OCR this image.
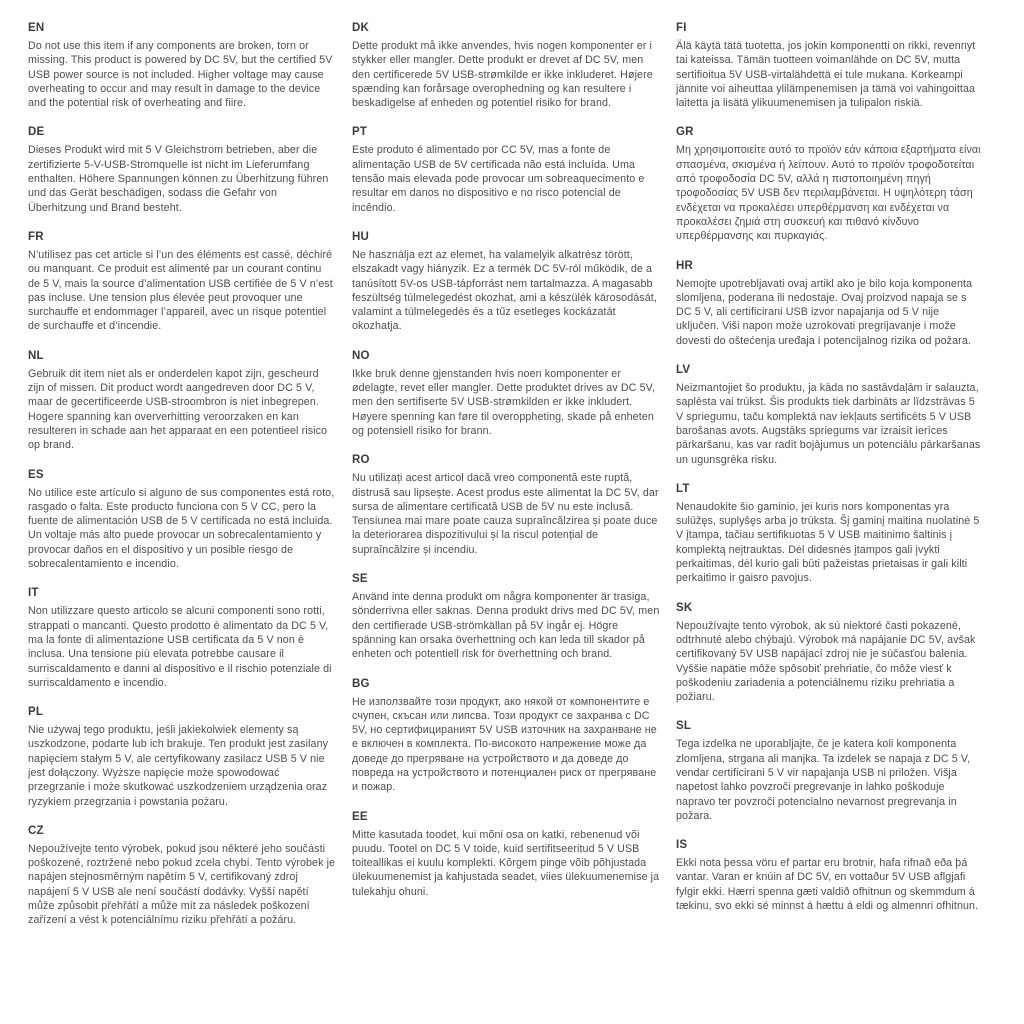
EN

Do not use this item if any components are broken, torn or missing. This product is powered by DC 5V, but the certified 5V USB power source is not included. Higher voltage may cause overheating to occur and may result in damage to the device and the potential risk of overheating and fiire.

DE

Dieses Produkt wird mit 5 V Gleichstrom betrieben, aber die zertifizierte 5-V-USB-Stromquelle ist nicht im Lieferumfang enthalten. Höhere Spannungen können zu Überhitzung führen und das Gerät beschädigen, sodass die Gefahr von Überhitzung und Brand besteht.

FR

N’utilisez pas cet article si l’un des éléments est cassé, déchiré ou manquant. Ce produit est alimenté par un courant continu de 5 V, mais la source d’alimentation USB certifiée de 5 V n’est pas incluse. Une tension plus élevée peut provoquer une surchauffe et endommager l’appareil, avec un risque potentiel de surchauffe et d’incendie.

NL

Gebruik dit item niet als er onderdelen kapot zijn, gescheurd zijn of missen. Dit product wordt aangedreven door DC 5 V, maar de gecertificeerde USB-stroombron is niet inbegrepen. Hogere spanning kan oververhitting veroorzaken en kan resulteren in schade aan het apparaat en een potentieel risico op brand.

ES

No utilice este artículo si alguno de sus componentes está roto, rasgado o falta. Este producto funciona con 5 V CC, pero la fuente de alimentación USB de 5 V certificada no está incluida. Un voltaje más alto puede provocar un sobrecalentamiento y provocar daños en el dispositivo y un posible riesgo de sobrecalentamiento e incendio.

IT

Non utilizzare questo articolo se alcuni componenti sono rotti, strappati o mancanti. Questo prodotto è alimentato da DC 5 V, ma la fonte di alimentazione USB certificata da 5 V non è inclusa. Una tensione più elevata potrebbe causare il surriscaldamento e danni al dispositivo e il rischio potenziale di surriscaldamento e incendio.

PL

Nie używaj tego produktu, jeśli jakiekolwiek elementy są uszkodzone, podarte lub ich brakuje. Ten produkt jest zasilany napięciem stałym 5 V, ale certyfikowany zasilacz USB 5 V nie jest dołączony. Wyższe napięcie może spowodować przegrzanie i może skutkować uszkodzeniem urządzenia oraz ryzykiem przegrzania i powstania pożaru.

CZ

Nepoužívejte tento výrobek, pokud jsou některé jeho součásti poškozené, roztržené nebo pokud zcela chybí. Tento výrobek je napájen stejnosměrným napětím 5 V, certifikovaný zdroj napájení 5 V USB ale není součástí dodávky. Vyšší napětí může způsobit přehřátí a může mít za následek poškození zařízení a vést k potenciálnímu riziku přehřátí a požáru.

DK

Dette produkt må ikke anvendes, hvis nogen komponenter er i stykker eller mangler. Dette produkt er drevet af DC 5V, men den certificerede 5V USB-strømkilde er ikke inkluderet. Højere spænding kan forårsage overophedning og kan resultere i beskadigelse af enheden og potentiel risiko for brand.

PT

Este produto é alimentado por CC 5V, mas a fonte de alimentação USB de 5V certificada não está incluída. Uma tensão mais elevada pode provocar um sobreaquecimento e resultar em danos no dispositivo e no risco potencial de incêndio.

HU

Ne használja ezt az elemet, ha valamelyik alkatrész törött, elszakadt vagy hiányzik. Ez a termék DC 5V-ról működik, de a tanúsított 5V-os USB-tápforrást nem tartalmazza. A magasabb feszültség túlmelegedést okozhat, ami a készülék károsodását, valamint a túlmelegedés és a tűz esetleges kockázatát okozhatja.

NO

Ikke bruk denne gjenstanden hvis noen komponenter er ødelagte, revet eller mangler. Dette produktet drives av DC 5V, men den sertifiserte 5V USB-strømkilden er ikke inkludert. Høyere spenning kan føre til overoppheting, skade på enheten og potensiell risiko for brann.

RO

Nu utilizați acest articol dacă vreo componentă este ruptă, distrusă sau lipsește. Acest produs este alimentat la DC 5V, dar sursa de alimentare certificată USB de 5V nu este inclusă. Tensiunea mai mare poate cauza supraîncălzirea și poate duce la deteriorarea dispozitivului și la riscul potențial de supraîncălzire și incendiu.

SE

Använd inte denna produkt om några komponenter är trasiga, sönderrivna eller saknas. Denna produkt drivs med DC 5V, men den certifierade USB-strömkällan på 5V ingår ej. Högre spänning kan orsaka överhettning och kan leda till skador på enheten och potentiell risk för överhettning och brand.

BG

Не използвайте този продукт, ако някой от компонентите е счупен, скъсан или липсва. Този продукт се захранва с DC 5V, но сертифицираният 5V USB източник на захранване не е включен в комплекта. По-високото напрежение може да доведе до прегряване на устройството и да доведе до повреда на устройството и потенциален риск от прегряване и пожар.

EE

Mitte kasutada toodet, kui mõni osa on katki, rebenenud või puudu. Tootel on DC 5 V toide, kuid sertifitseeritud 5 V USB toiteallikas ei kuulu komplekti. Kõrgem pinge võib põhjustada ülekuumenemist ja kahjustada seadet, viies ülekuumenemise ja tulekahju ohuni.

FI

Älä käytä tätä tuotetta, jos jokin komponentti on rikki, revennyt tai kateissa. Tämän tuotteen voimanlähde on DC 5V, mutta sertifioitua 5V USB-virtalähdettä ei tule mukana. Korkeampi jännite voi aiheuttaa ylilämpenemisen ja tämä voi vahingoittaa laitetta ja lisätä ylikuumenemisen ja tulipalon riskiä.

GR

Μη χρησιμοποιείτε αυτό το προϊόν εάν κάποια εξαρτήματα είναι σπασμένα, σκισμένα ή λείπουν. Αυτό το προϊόν τροφοδοτείται από τροφοδοσία DC 5V, αλλά η πιστοποιημένη πηγή τροφοδοσίας 5V USB δεν περιλαμβάνεται. Η υψηλότερη τάση ενδέχεται να προκαλέσει υπερθέρμανση και ενδέχεται να προκαλέσει ζημιά στη συσκευή και πιθανό κίνδυνο υπερθέρμανσης και πυρκαγιάς.

HR

Nemojte upotrebljavati ovaj artikl ako je bilo koja komponenta slomljena, poderana ili nedostaje. Ovaj proizvod napaja se s DC 5 V, ali certificirani USB izvor napajanja od 5 V nije uključen. Viši napon može uzrokovati pregrijavanje i može dovesti do oštećenja uređaja i potencijalnog rizika od požara.

LV

Neizmantojiet šo produktu, ja kāda no sastāvdaļām ir salauzta, saplēsta vai trūkst. Šis produkts tiek darbināts ar līdzstrāvas 5 V spriegumu, taču komplektā nav iekļauts sertificēts 5 V USB barošanas avots. Augstāks spriegums var izraisīt ierīces pārkaršanu, kas var radīt bojājumus un potenciālu pārkaršanas un ugunsgrēka risku.

LT

Nenaudokite šio gaminio, jei kuris nors komponentas yra sulūžęs, suplyšęs arba jo trūksta. Šį gaminį maitina nuolatinė 5 V įtampa, tačiau sertifikuotas 5 V USB maitinimo šaltinis į komplektą neįtrauktas. Dėl didesnės įtampos gali įvykti perkaitimas, dėl kurio gali būti pažeistas prietaisas ir gali kilti perkaitimo ir gaisro pavojus.

SK

Nepoužívajte tento výrobok, ak sú niektoré časti pokazené, odtrhnuté alebo chýbajú. Výrobok má napájanie DC 5V, avšak certifikovaný 5V USB napájací zdroj nie je súčasťou balenia. Vyššie napätie môže spôsobiť prehriatie, čo môže viesť k poškodeniu zariadenia a potenciálnemu riziku prehriatia a požiaru.

SL

Tega izdelka ne uporabljajte, če je katera koli komponenta zlomljena, strgana ali manjka. Ta izdelek se napaja z DC 5 V, vendar certificirani 5 V vir napajanja USB ni priložen. Višja napetost lahko povzroči pregrevanje in lahko poškoduje napravo ter povzroči potencialno nevarnost pregrevanja in požara.

IS

Ekki nota þessa vöru ef partar eru brotnir, hafa rifnað eða þá vantar. Varan er knúin af DC 5V, en vottaður 5V USB aflgjafi fylgir ekki. Hærri spenna gæti valdið ofhitnun og skemmdum á tækinu, svo ekki sé minnst á hættu á eldi og almennri ofhitnun.
